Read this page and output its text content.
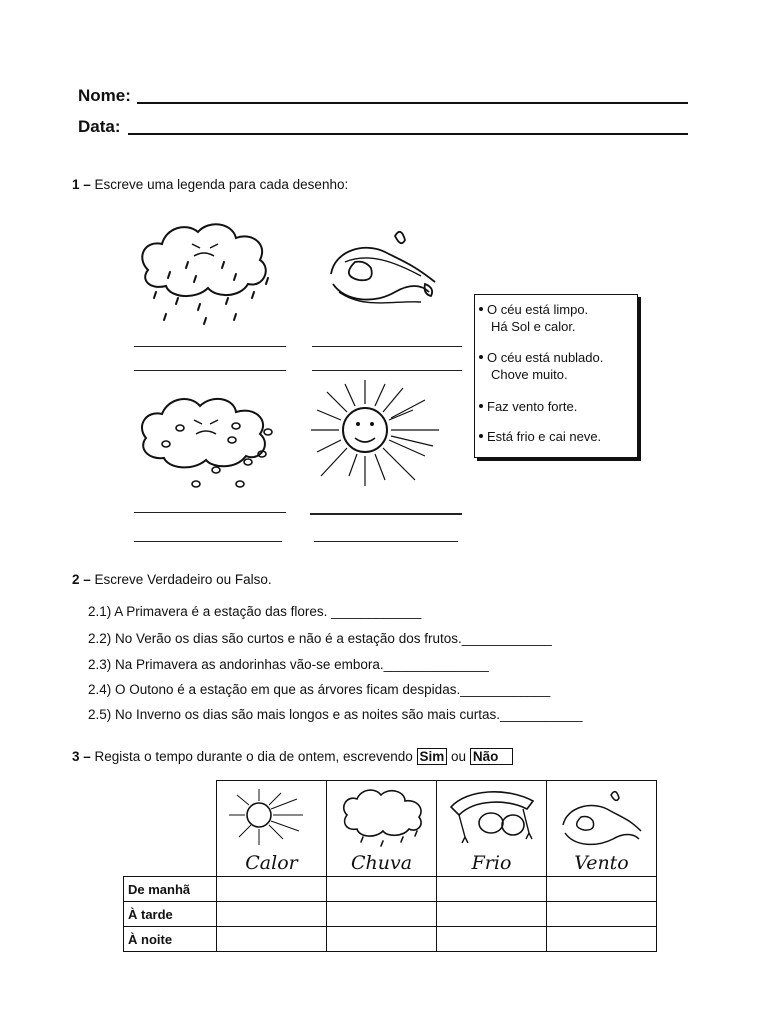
Nome:
Data:
1 – Escreve uma legenda para cada desenho:
O céu está limpo.
Há Sol e calor.
O céu está nublado.
Chove muito.
Faz vento forte.
Está frio e cai neve.
2 – Escreve Verdadeiro ou Falso.
2.1) A Primavera é a estação das flores. ____________
2.2) No Verão os dias são curtos e não é a estação dos frutos.____________
2.3) Na Primavera as andorinhas vão-se embora.______________
2.4) O Outono é a estação em que as árvores ficam despidas.____________
2.5) No Inverno os dias são mais longos e as noites são mais curtas.___________
3 – Regista o tempo durante o dia de ontem, escrevendo Sim ou Não

	Calor	Chuva	Frio	Vento

De manhã				
À tarde				
À noite				
